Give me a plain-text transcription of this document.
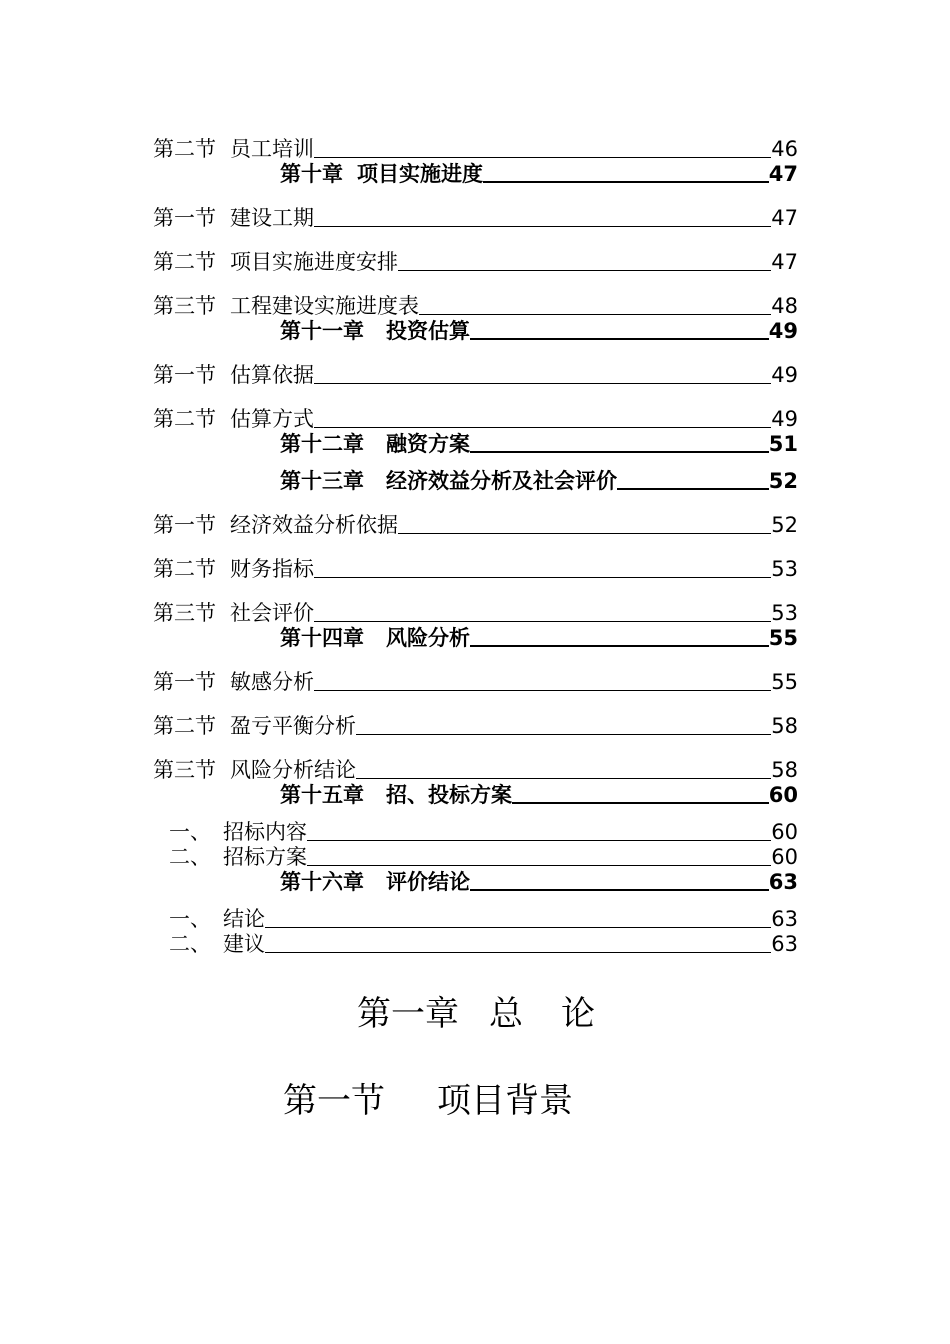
第二节 员工培训	46
第十章 项目实施进度	47
第一节 建设工期	47
第二节 项目实施进度安排	47
第三节 工程建设实施进度表	48
第十一章 投资估算	49
第一节 估算依据	49
第二节 估算方式	49
第十二章 融资方案	51
第十三章 经济效益分析及社会评价	52
第一节 经济效益分析依据	52
第二节 财务指标	53
第三节 社会评价	53
第十四章 风险分析	55
第一节 敏感分析	55
第二节 盈亏平衡分析	58
第三节 风险分析结论	58
第十五章 招、投标方案	60
一、 招标内容	60
二、 招标方案	60
第十六章 评价结论	63
一、 结论	63
二、 建议	63
第一章 总 论
第一节 项目背景
